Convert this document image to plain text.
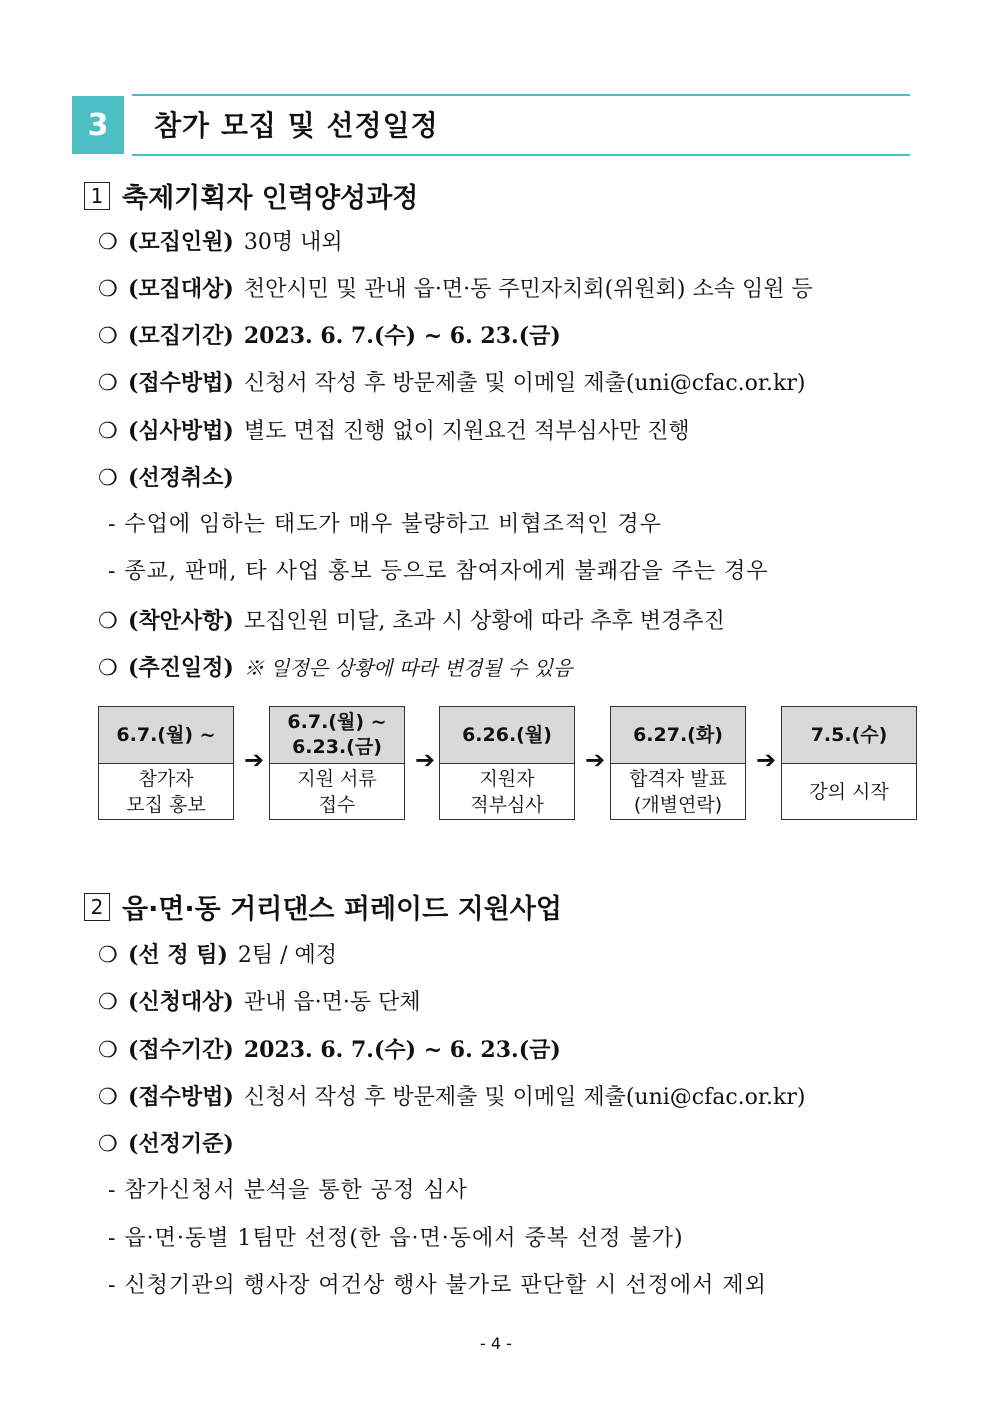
3	참가 모집 및 선정일정
1 축제기획자 인력양성과정
❍ (모집인원) 30명 내외
❍ (모집대상) 천안시민 및 관내 읍·면·동 주민자치회(위원회) 소속 임원 등
❍ (모집기간) 2023. 6. 7.(수) ~ 6. 23.(금)
❍ (접수방법) 신청서 작성 후 방문제출 및 이메일 제출(uni@cfac.or.kr)
❍ (심사방법) 별도 면접 진행 없이 지원요건 적부심사만 진행
❍ (선정취소)
- 수업에 임하는 태도가 매우 불량하고 비협조적인 경우
- 종교, 판매, 타 사업 홍보 등으로 참여자에게 불쾌감을 주는 경우
❍ (착안사항) 모집인원 미달, 초과 시 상황에 따라 추후 변경추진
❍ (추진일정) ※ 일정은 상황에 따라 변경될 수 있음
6.7.(월) ~
참가자
모집 홍보
➔
6.7.(월) ~
6.23.(금)
지원 서류
접수
➔
6.26.(월)
지원자
적부심사
➔
6.27.(화)
합격자 발표
(개별연락)
➔
7.5.(수)
강의 시작
2 읍·면·동 거리댄스 퍼레이드 지원사업
❍ (선 정 팀) 2팀 / 예정
❍ (신청대상) 관내 읍·면·동 단체
❍ (접수기간) 2023. 6. 7.(수) ~ 6. 23.(금)
❍ (접수방법) 신청서 작성 후 방문제출 및 이메일 제출(uni@cfac.or.kr)
❍ (선정기준)
- 참가신청서 분석을 통한 공정 심사
- 읍·면·동별 1팀만 선정(한 읍·면·동에서 중복 선정 불가)
- 신청기관의 행사장 여건상 행사 불가로 판단할 시 선정에서 제외
- 4 -
